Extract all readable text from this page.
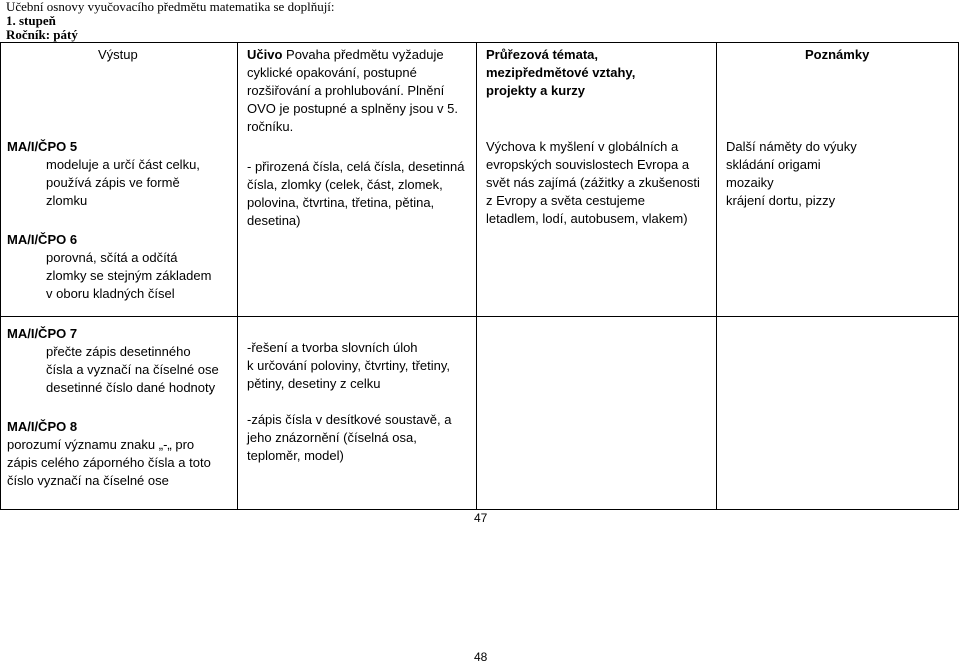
Učební osnovy vyučovacího předmětu matematika se doplňují:
1. stupeň
Ročník: pátý
Výstup	Učivo Povaha předmětu vyžaduje
cyklické opakování, postupné
rozšiřování a prohlubování. Plnění
OVO je postupné a splněny jsou v 5.
ročníku.
Průřezová témata,
mezipředmětové vztahy,
projekty a kurzy
Poznámky
MA/I/ČPO 5
modeluje a určí část celku,
používá zápis ve formě
zlomku
MA/I/ČPO 6
porovná, sčítá a odčítá
zlomky se stejným základem
v oboru kladných čísel
- přirozená čísla, celá čísla, desetinná
čísla, zlomky (celek, část, zlomek,
polovina, čtvrtina, třetina, pětina,
desetina)
Výchova k myšlení v globálních a
evropských souvislostech Evropa a
svět nás zajímá (zážitky a zkušenosti
z Evropy a světa cestujeme
letadlem, lodí, autobusem, vlakem)
Další náměty do výuky
skládání origami
mozaiky
krájení dortu, pizzy
MA/I/ČPO 7
přečte zápis desetinného
čísla a vyznačí na číselné ose
desetinné číslo dané hodnoty
-řešení a tvorba slovních úloh
k určování poloviny, čtvrtiny, třetiny,
pětiny, desetiny z celku
MA/I/ČPO 8
porozumí významu znaku „-„ pro
zápis celého záporného čísla a toto
číslo vyznačí na číselné ose
-zápis čísla v desítkové soustavě, a
jeho znázornění (číselná osa,
teploměr, model)
47
48
